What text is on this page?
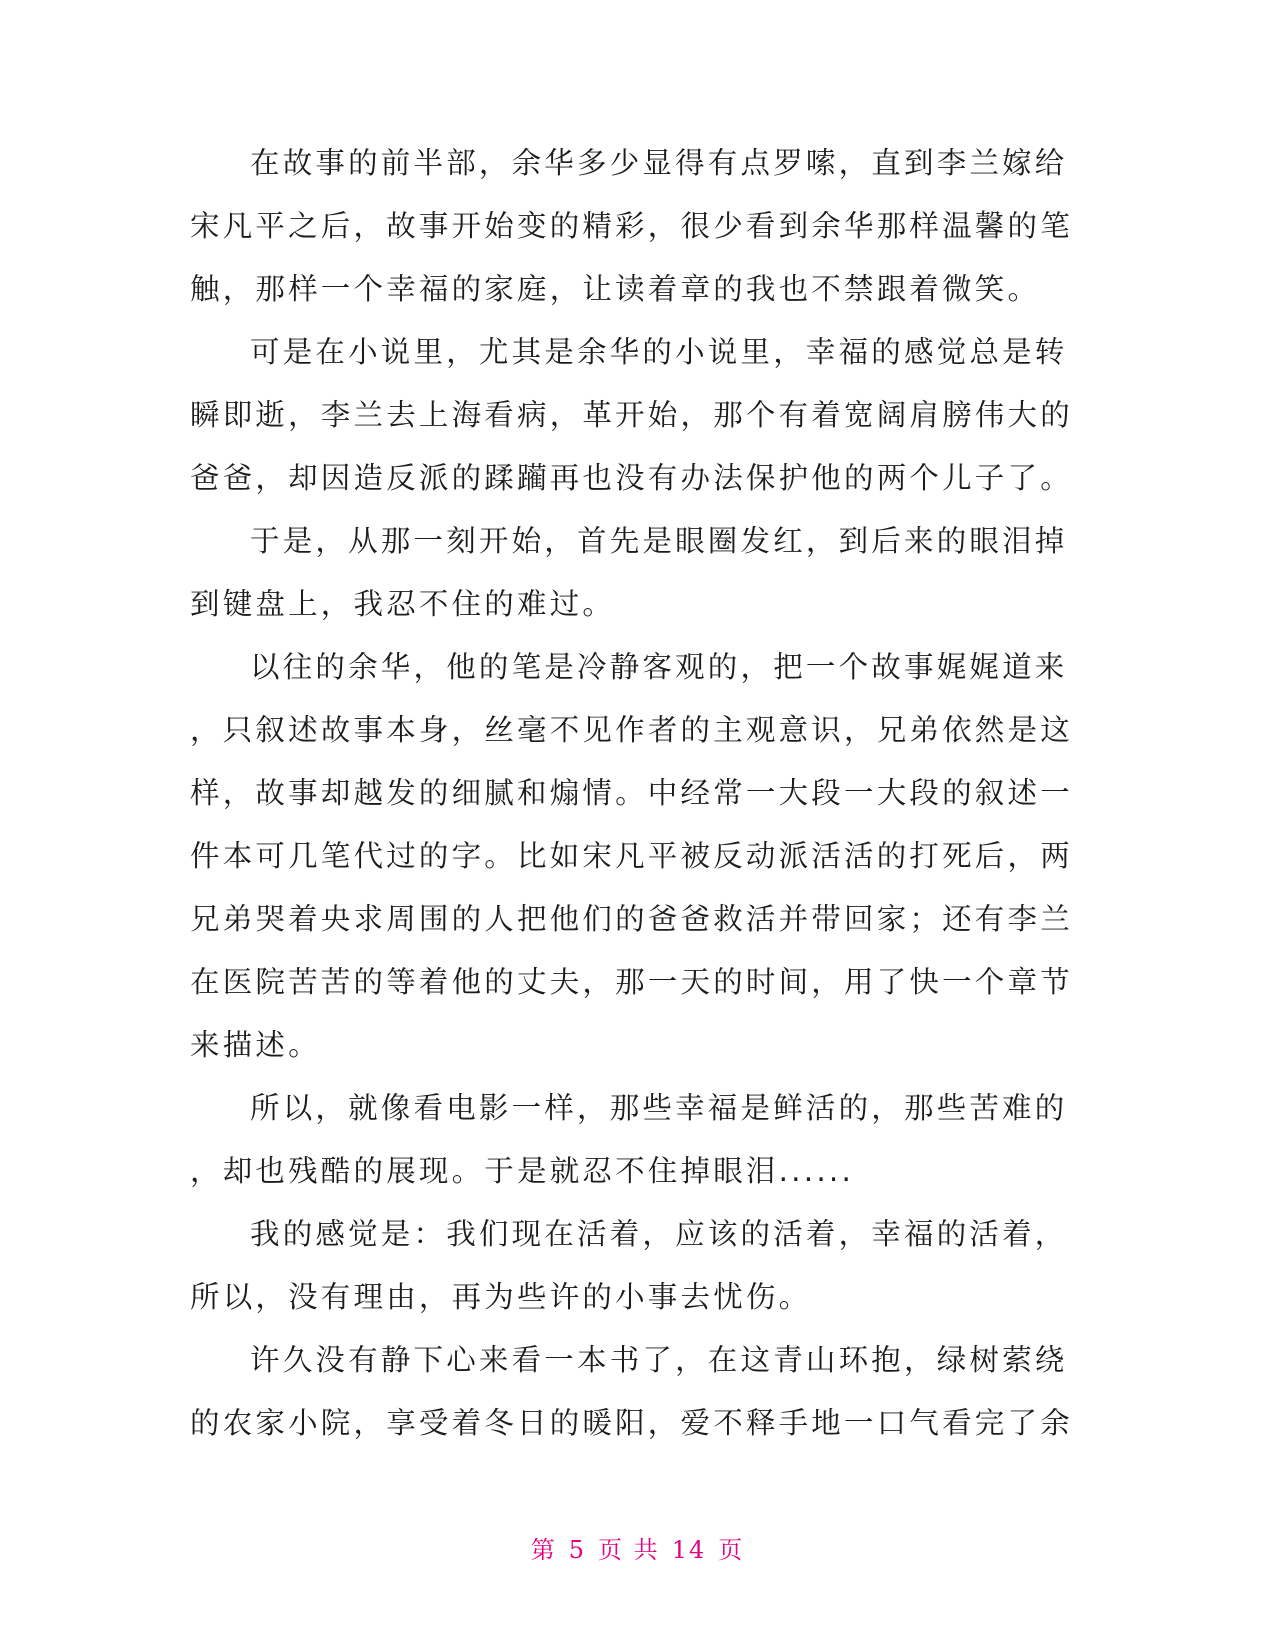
在故事的前半部，余华多少显得有点罗嗦，直到李兰嫁给
宋凡平之后，故事开始变的精彩，很少看到余华那样温馨的笔
触，那样一个幸福的家庭，让读着章的我也不禁跟着微笑。
可是在小说里，尤其是余华的小说里，幸福的感觉总是转
瞬即逝，李兰去上海看病，革开始，那个有着宽阔肩膀伟大的
爸爸，却因造反派的蹂躏再也没有办法保护他的两个儿子了。
于是，从那一刻开始，首先是眼圈发红，到后来的眼泪掉
到键盘上，我忍不住的难过。
以往的余华，他的笔是冷静客观的，把一个故事娓娓道来
，只叙述故事本身，丝毫不见作者的主观意识，兄弟依然是这
样，故事却越发的细腻和煽情。中经常一大段一大段的叙述一
件本可几笔代过的字。比如宋凡平被反动派活活的打死后，两
兄弟哭着央求周围的人把他们的爸爸救活并带回家；还有李兰
在医院苦苦的等着他的丈夫，那一天的时间，用了快一个章节
来描述。
所以，就像看电影一样，那些幸福是鲜活的，那些苦难的
，却也残酷的展现。于是就忍不住掉眼泪......
我的感觉是：我们现在活着，应该的活着，幸福的活着，
所以，没有理由，再为些许的小事去忧伤。
许久没有静下心来看一本书了，在这青山环抱，绿树萦绕
的农家小院，享受着冬日的暖阳，爱不释手地一口气看完了余
第 5 页 共 14 页
